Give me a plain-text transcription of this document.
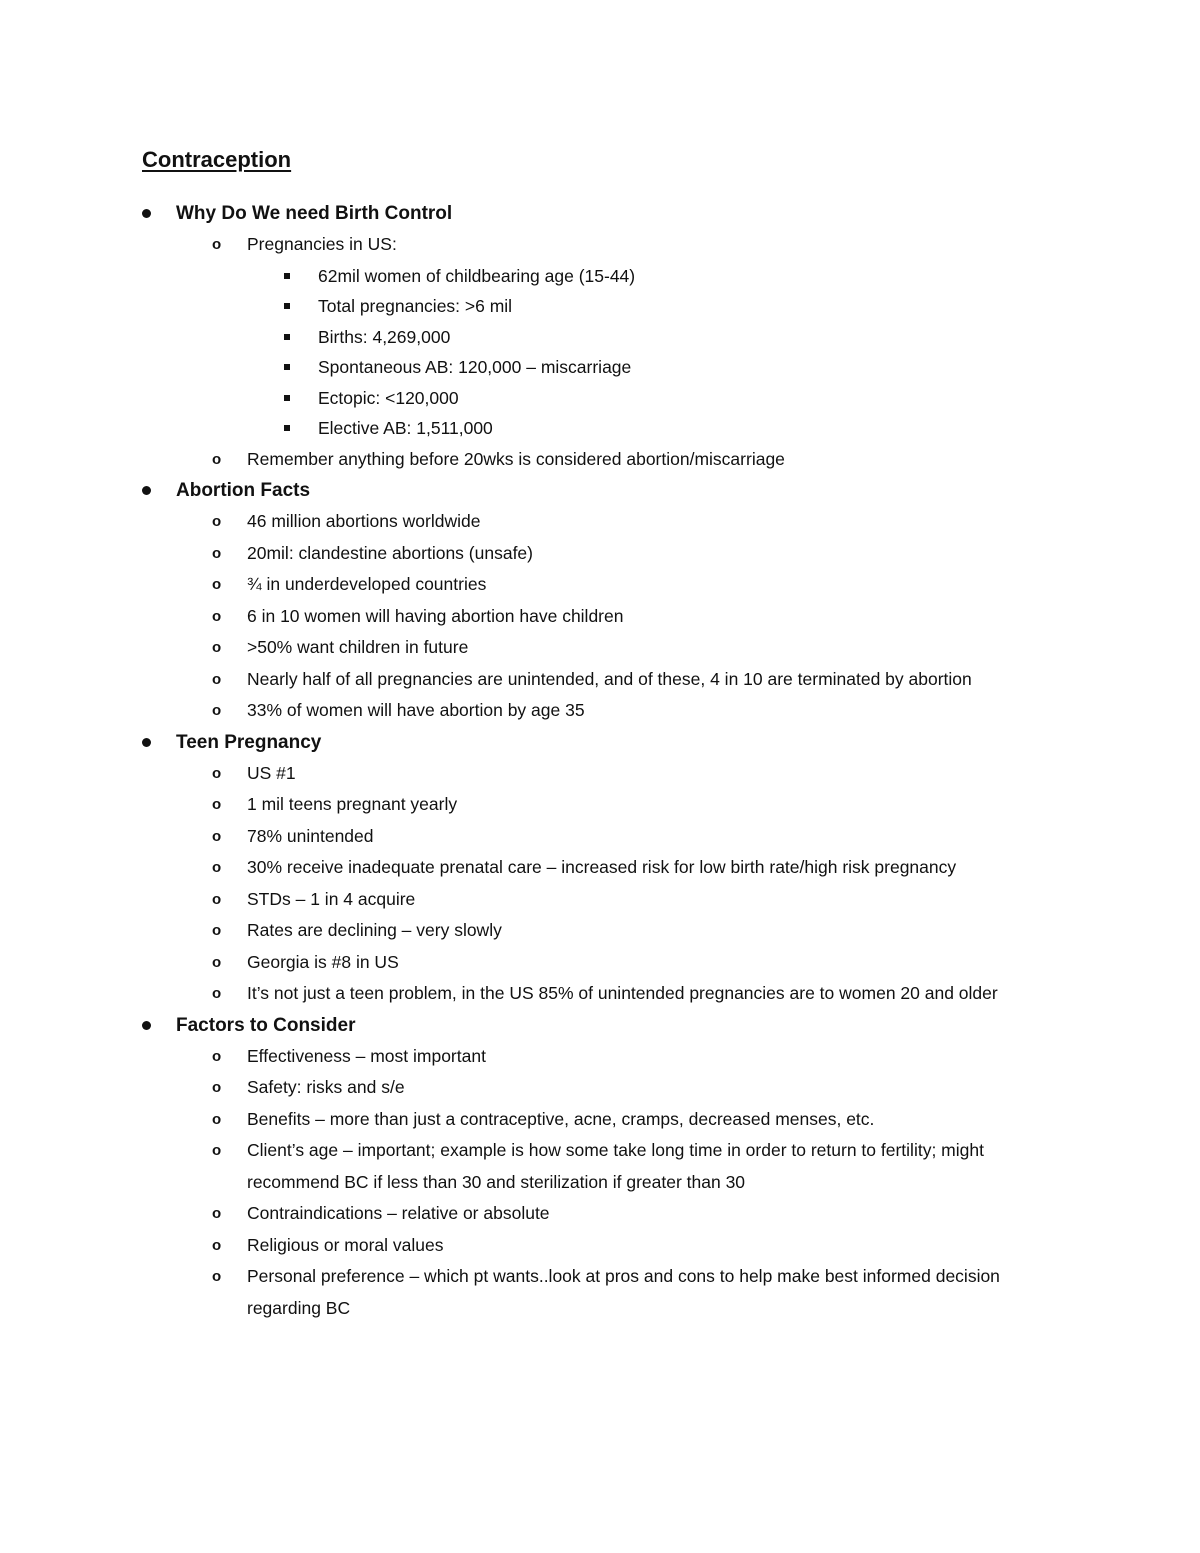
Contraception
Why Do We need Birth Control
o Pregnancies in US:
62mil women of childbearing age (15-44)
Total pregnancies: >6 mil
Births: 4,269,000
Spontaneous AB: 120,000 – miscarriage
Ectopic: <120,000
Elective AB: 1,511,000
o Remember anything before 20wks is considered abortion/miscarriage
Abortion Facts
o 46 million abortions worldwide
o 20mil: clandestine abortions (unsafe)
o ¾ in underdeveloped countries
o 6 in 10 women will having abortion have children
o >50% want children in future
o Nearly half of all pregnancies are unintended, and of these, 4 in 10 are terminated by abortion
o 33% of women will have abortion by age 35
Teen Pregnancy
o US #1
o 1 mil teens pregnant yearly
o 78% unintended
o 30% receive inadequate prenatal care – increased risk for low birth rate/high risk pregnancy
o STDs – 1 in 4 acquire
o Rates are declining – very slowly
o Georgia is #8 in US
o It’s not just a teen problem, in the US 85% of unintended pregnancies are to women 20 and older
Factors to Consider
o Effectiveness – most important
o Safety: risks and s/e
o Benefits – more than just a contraceptive, acne, cramps, decreased menses, etc.
o Client’s age – important; example is how some take long time in order to return to fertility; might recommend BC if less than 30 and sterilization if greater than 30
o Contraindications – relative or absolute
o Religious or moral values
o Personal preference – which pt wants..look at pros and cons to help make best informed decision regarding BC
